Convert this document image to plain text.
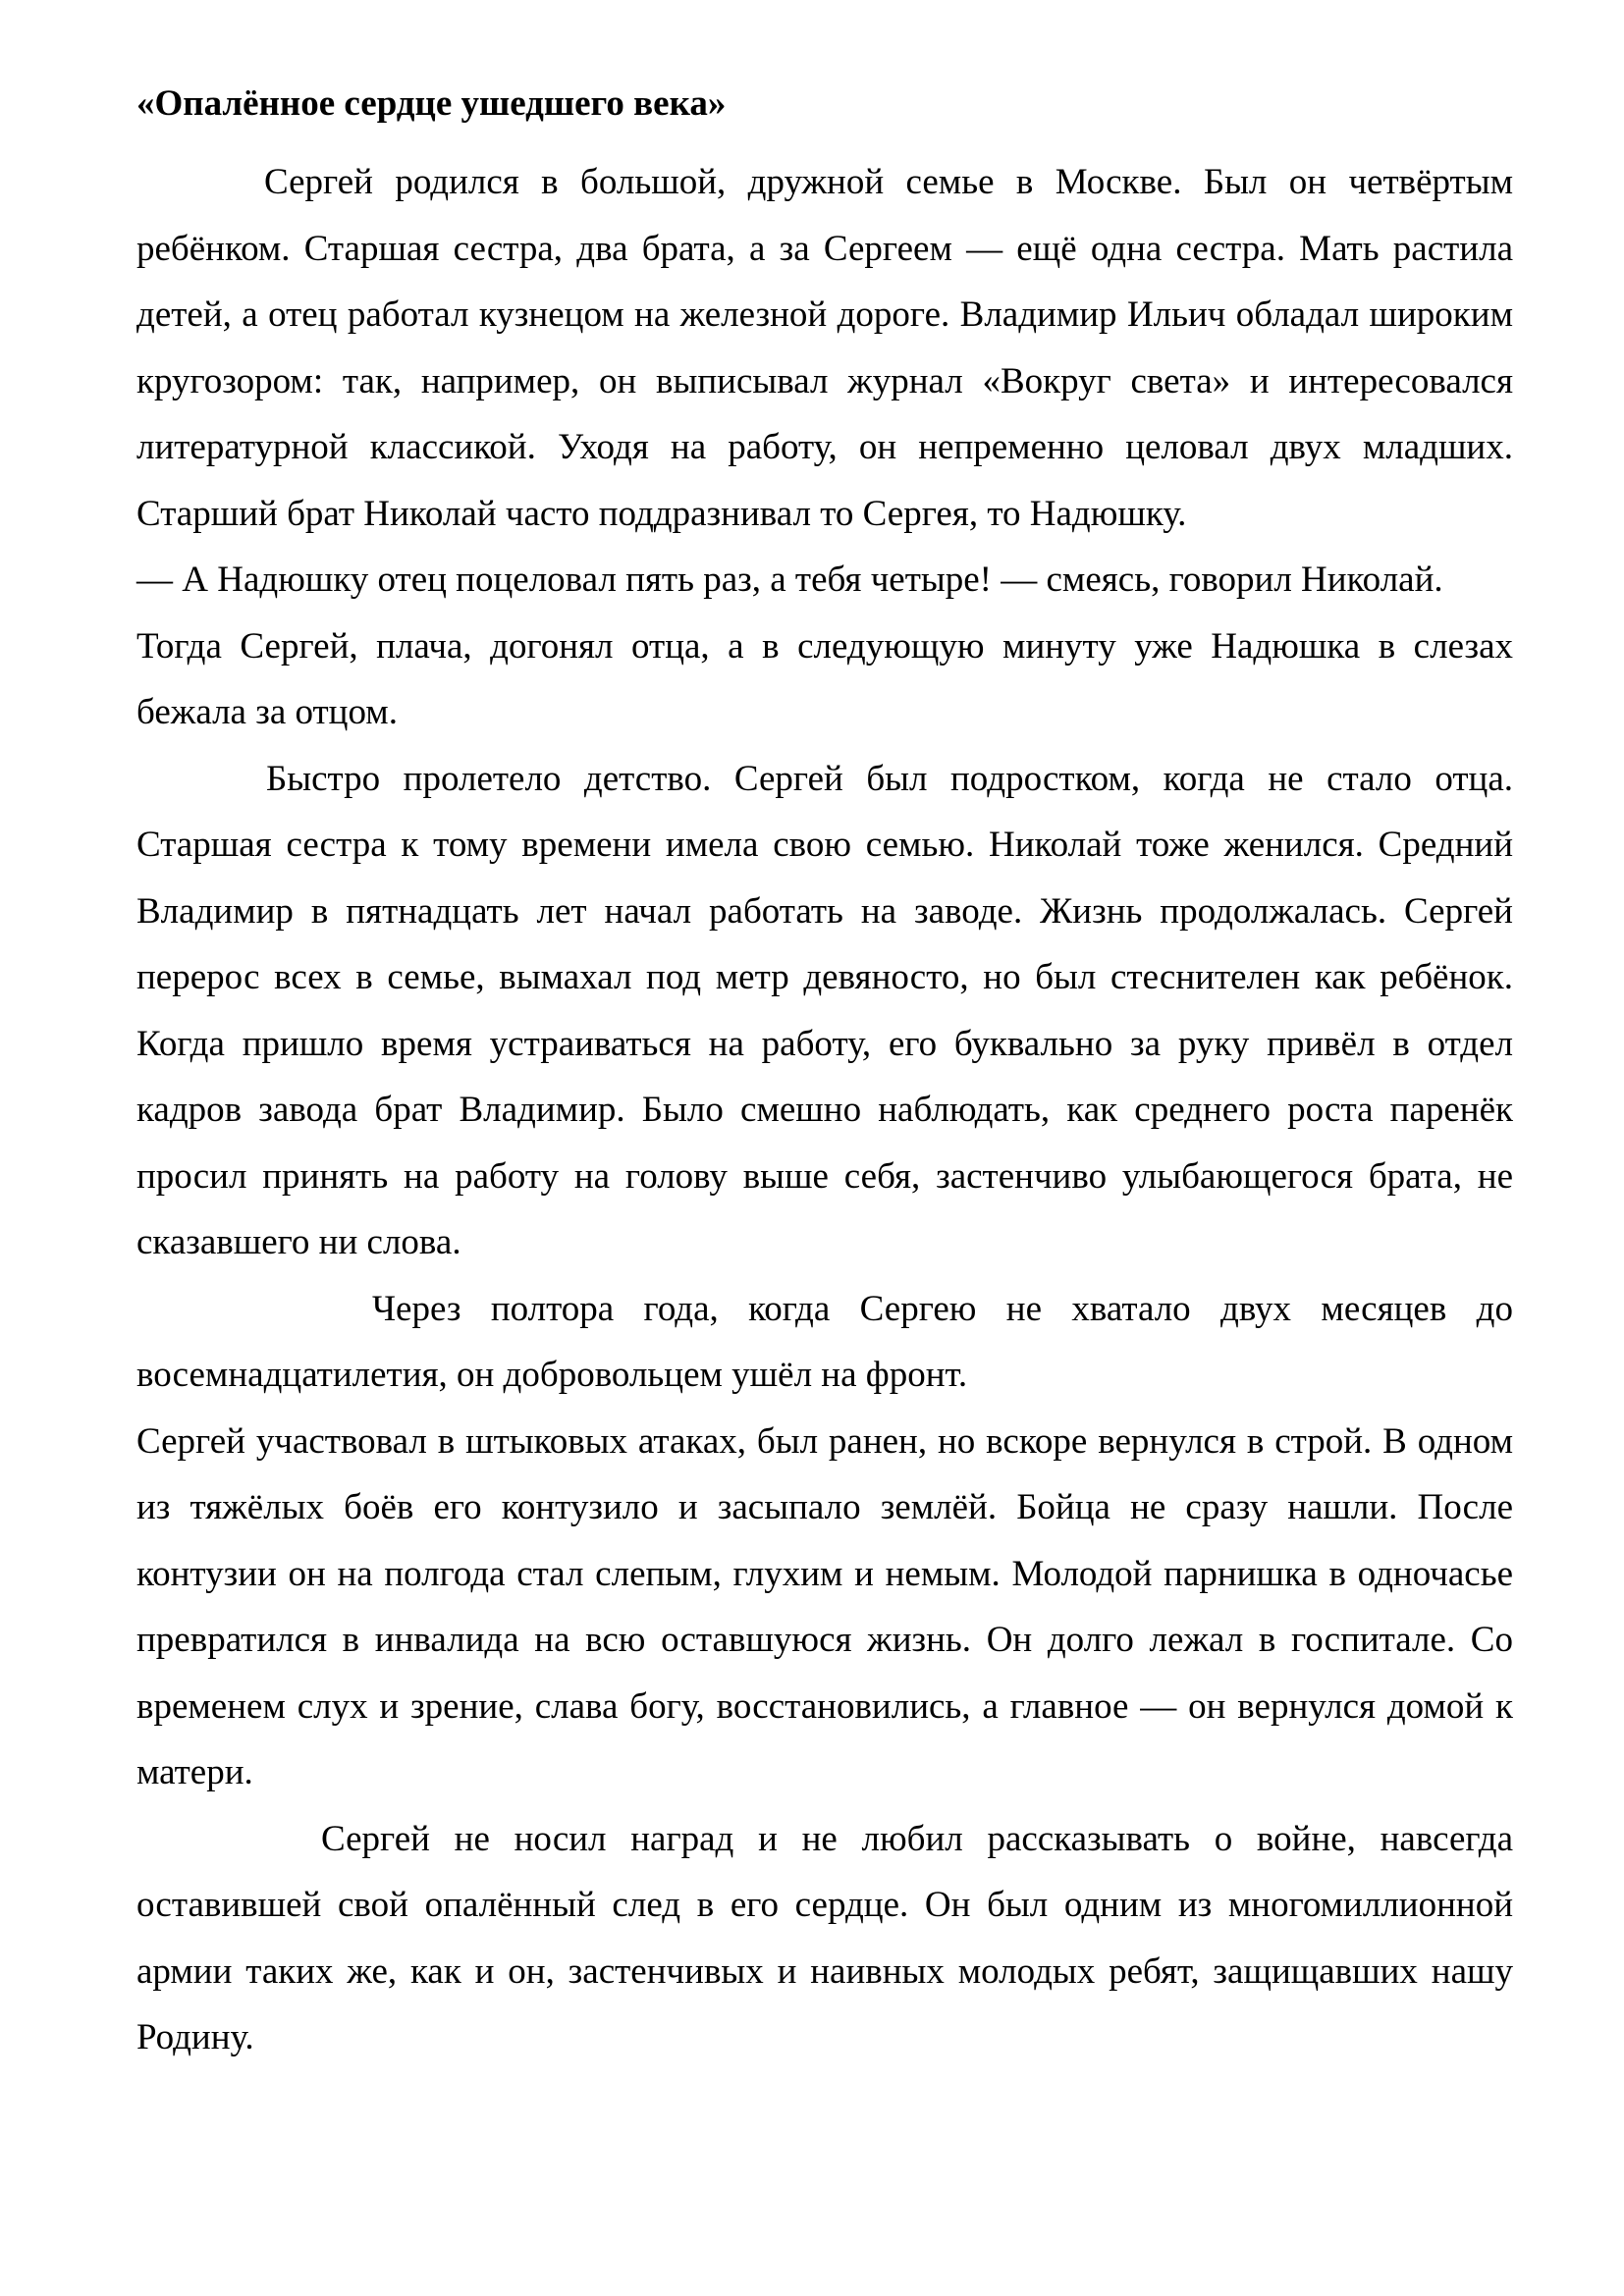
«Опалённое сердце ушедшего века»

Сергей родился в большой, дружной семье в Москве. Был он четвёртым ребёнком. Старшая сестра, два брата, а за Сергеем — ещё одна сестра. Мать растила детей, а отец работал кузнецом на железной дороге. Владимир Ильич обладал широким кругозором: так, например, он выписывал журнал «Вокруг света» и интересовался литературной классикой. Уходя на работу, он непременно целовал двух младших. Старший брат Николай часто поддразнивал то Сергея, то Надюшку.

— А Надюшку отец поцеловал пять раз, а тебя четыре! — смеясь, говорил Николай.

Тогда Сергей, плача, догонял отца, а в следующую минуту уже Надюшка в слезах бежала за отцом.

Быстро пролетело детство. Сергей был подростком, когда не стало отца. Старшая сестра к тому времени имела свою семью. Николай тоже женился. Средний Владимир в пятнадцать лет начал работать на заводе. Жизнь продолжалась. Сергей перерос всех в семье, вымахал под метр девяносто, но был стеснителен как ребёнок. Когда пришло время устраиваться на работу, его буквально за руку привёл в отдел кадров завода брат Владимир. Было смешно наблюдать, как среднего роста паренёк просил принять на работу на голову выше себя, застенчиво улыбающегося брата, не сказавшего ни слова.

Через полтора года, когда Сергею не хватало двух месяцев до восемнадцатилетия, он добровольцем ушёл на фронт.

Сергей участвовал в штыковых атаках, был ранен, но вскоре вернулся в строй. В одном из тяжёлых боёв его контузило и засыпало землёй. Бойца не сразу нашли. После контузии он на полгода стал слепым, глухим и немым. Молодой парнишка в одночасье превратился в инвалида на всю оставшуюся жизнь. Он долго лежал в госпитале. Со временем слух и зрение, слава богу, восстановились, а главное — он вернулся домой к матери.

Сергей не носил наград и не любил рассказывать о войне, навсегда оставившей свой опалённый след в его сердце. Он был одним из многомиллионной армии таких же, как и он, застенчивых и наивных молодых ребят, защищавших нашу Родину.
